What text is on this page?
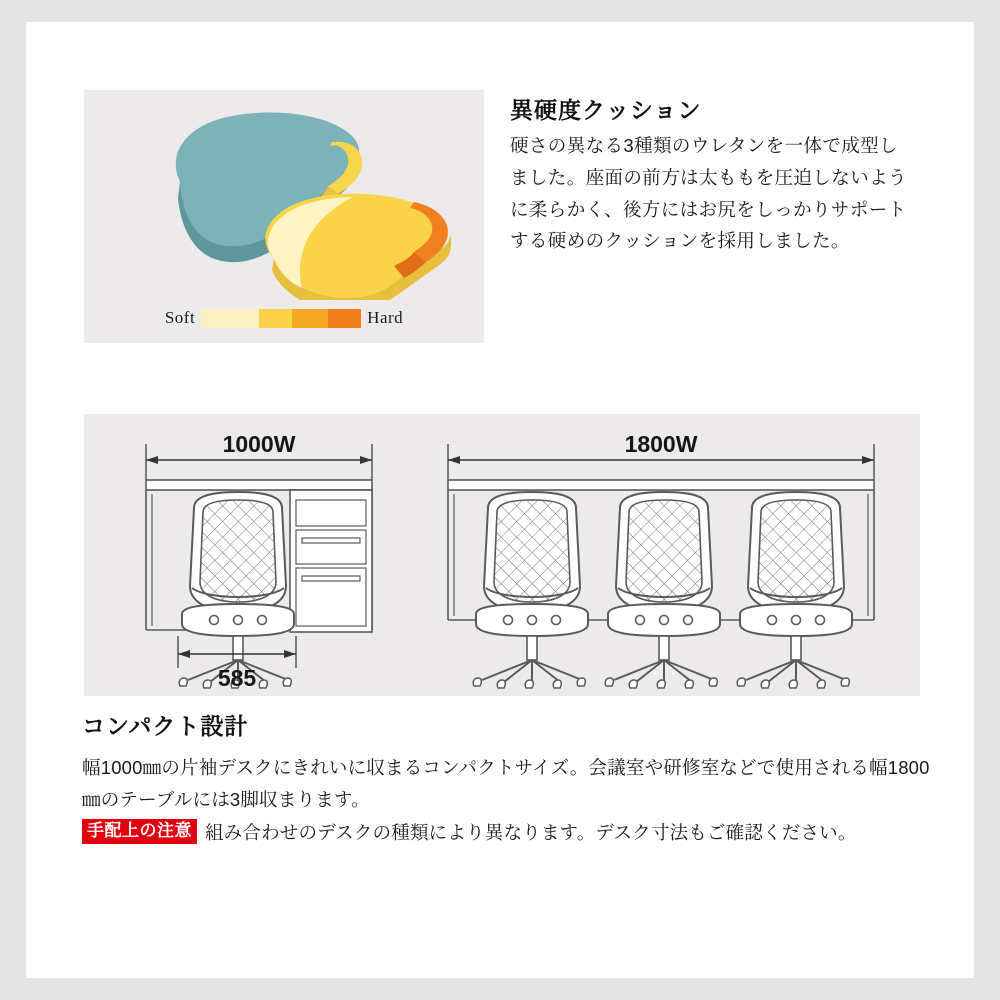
Soft	Hard
異硬度クッション
硬さの異なる3種類のウレタンを一体で成型しました。座面の前方は太ももを圧迫しないように柔らかく、後方にはお尻をしっかりサポートする硬めのクッションを採用しました。
1000W	1800W
585
コンパクト設計
幅1000㎜の片袖デスクにきれいに収まるコンパクトサイズ。会議室や研修室などで使用される幅1800㎜のテーブルには3脚収まります。
手配上の注意 組み合わせのデスクの種類により異なります。デスク寸法もご確認ください。
